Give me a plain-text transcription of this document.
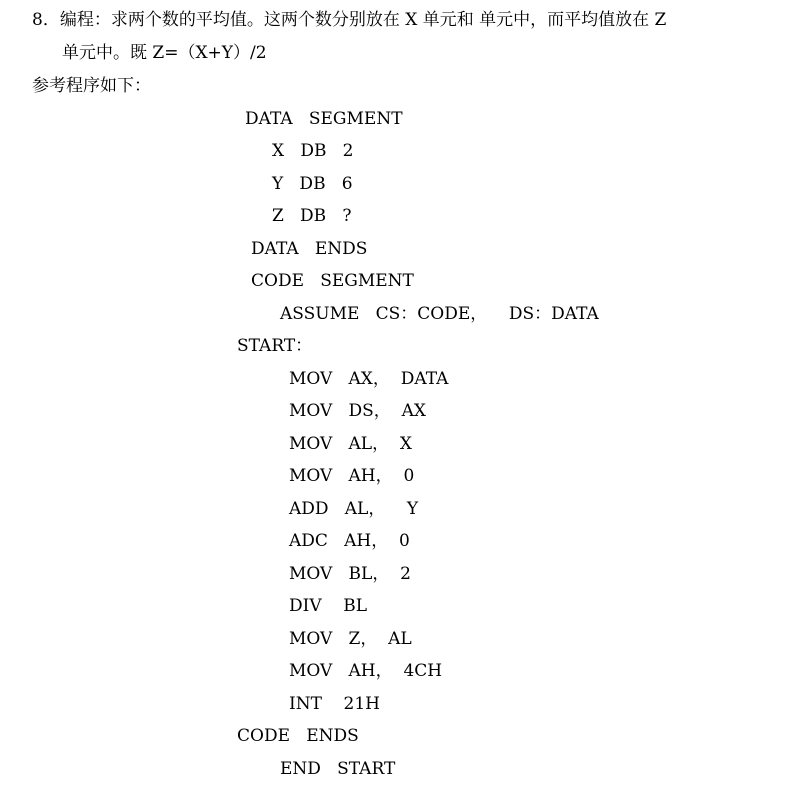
8．编程：求两个数的平均值。这两个数分别放在 X 单元和 单元中，而平均值放在 Z
单元中。既 Z=（X+Y）/2
参考程序如下：
DATA   SEGMENT
X   DB   2
Y   DB   6
Z   DB   ?
DATA   ENDS
CODE   SEGMENT
ASSUME   CS：CODE，    DS：DATA
START：
MOV   AX，  DATA
MOV   DS，  AX
MOV   AL，  X
MOV   AH，  0
ADD   AL，    Y
ADC   AH，  0
MOV   BL，  2
DIV    BL
MOV   Z，  AL
MOV   AH，  4CH
INT    21H
CODE   ENDS
END   START
